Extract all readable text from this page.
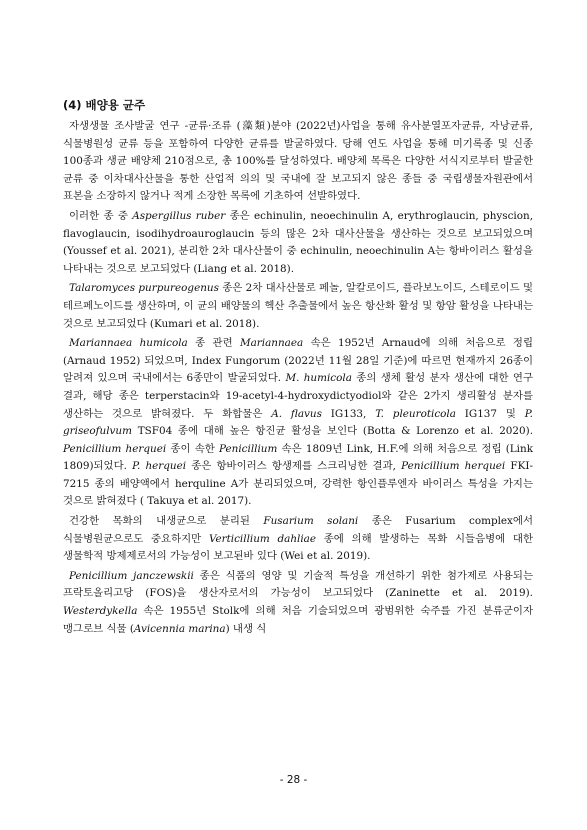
(4) 배양용 균주

자생생물 조사발굴 연구 -균류·조류 (藻類)분야 (2022년)사업을 통해 유사분열포자균류, 자낭균류, 식물병원성 균류 등을 포함하여 다양한 균류를 발굴하였다. 당해 연도 사업을 통해 미기록종 및 신종 100종과 생균 배양체 210점으로, 총 100%를 달성하였다. 배양체 목록은 다양한 서식지로부터 발굴한 균류 중 이차대사산물을 통한 산업적 의의 및 국내에 잘 보고되지 않은 종들 중 국립생물자원관에서 표본을 소장하지 않거나 적게 소장한 목록에 기초하여 선발하였다.

이러한 종 중 Aspergillus ruber 종은 echinulin, neoechinulin A, erythroglaucin, physcion, flavoglaucin, isodihydroauroglaucin 등의 많은 2차 대사산물을 생산하는 것으로 보고되었으며 (Youssef et al. 2021), 분리한 2차 대사산물이 중 echinulin, neoechinulin A는 항바이러스 활성을 나타내는 것으로 보고되었다 (Liang et al. 2018).

Talaromyces purpureogenus 종은 2차 대사산물로 페놀, 알칼로이드, 플라보노이드, 스테로이드 및 테르페노이드를 생산하며, 이 균의 배양물의 헥산 추출물에서 높은 항산화 활성 및 항암 활성을 나타내는 것으로 보고되었다 (Kumari et al. 2018).

Mariannaea humicola 종 관련 Mariannaea 속은 1952년 Arnaud에 의해 처음으로 정립 (Arnaud 1952) 되었으며, Index Fungorum (2022년 11월 28일 기준)에 따르면 현재까지 26종이 알려져 있으며 국내에서는 6종만이 발굴되었다. M. humicola 종의 생체 활성 분자 생산에 대한 연구 결과, 해당 종은 terperstacin와 19-acetyl-4-hydroxydictyodiol와 같은 2가지 생리활성 분자를 생산하는 것으로 밝혀졌다. 두 화합물은 A. flavus IG133, T. pleuroticola IG137 및 P. griseofulvum TSF04 종에 대해 높은 항진균 활성을 보인다 (Botta & Lorenzo et al. 2020). Penicillium herquei 종이 속한 Penicillium 속은 1809년 Link, H.F.에 의해 처음으로 정립 (Link 1809)되었다. P. herquei 종은 항바이러스 항생제를 스크리닝한 결과, Penicillium herquei FKI-7215 종의 배양액에서 herquline A가 분리되었으며, 강력한 항인플루엔자 바이러스 특성을 가지는 것으로 밝혀졌다 ( Takuya et al. 2017).

건강한 목화의 내생균으로 분리된 Fusarium solani 종은 Fusarium complex에서 식물병원균으로도 중요하지만 Verticillium dahliae 종에 의해 발생하는 목화 시들음병에 대한 생물학적 방제제로서의 가능성이 보고된바 있다 (Wei et al. 2019).

Penicillium janczewskii 종은 식품의 영양 및 기술적 특성을 개선하기 위한 첨가제로 사용되는 프락토올리고당 (FOS)을 생산자로서의 가능성이 보고되었다 (Zaninette et al. 2019). Westerdykella 속은 1955년 Stolk에 의해 처음 기술되었으며 광범위한 숙주를 가진 분류군이자 맹그로브 식물 (Avicennia marina) 내생 식

- 28 -
